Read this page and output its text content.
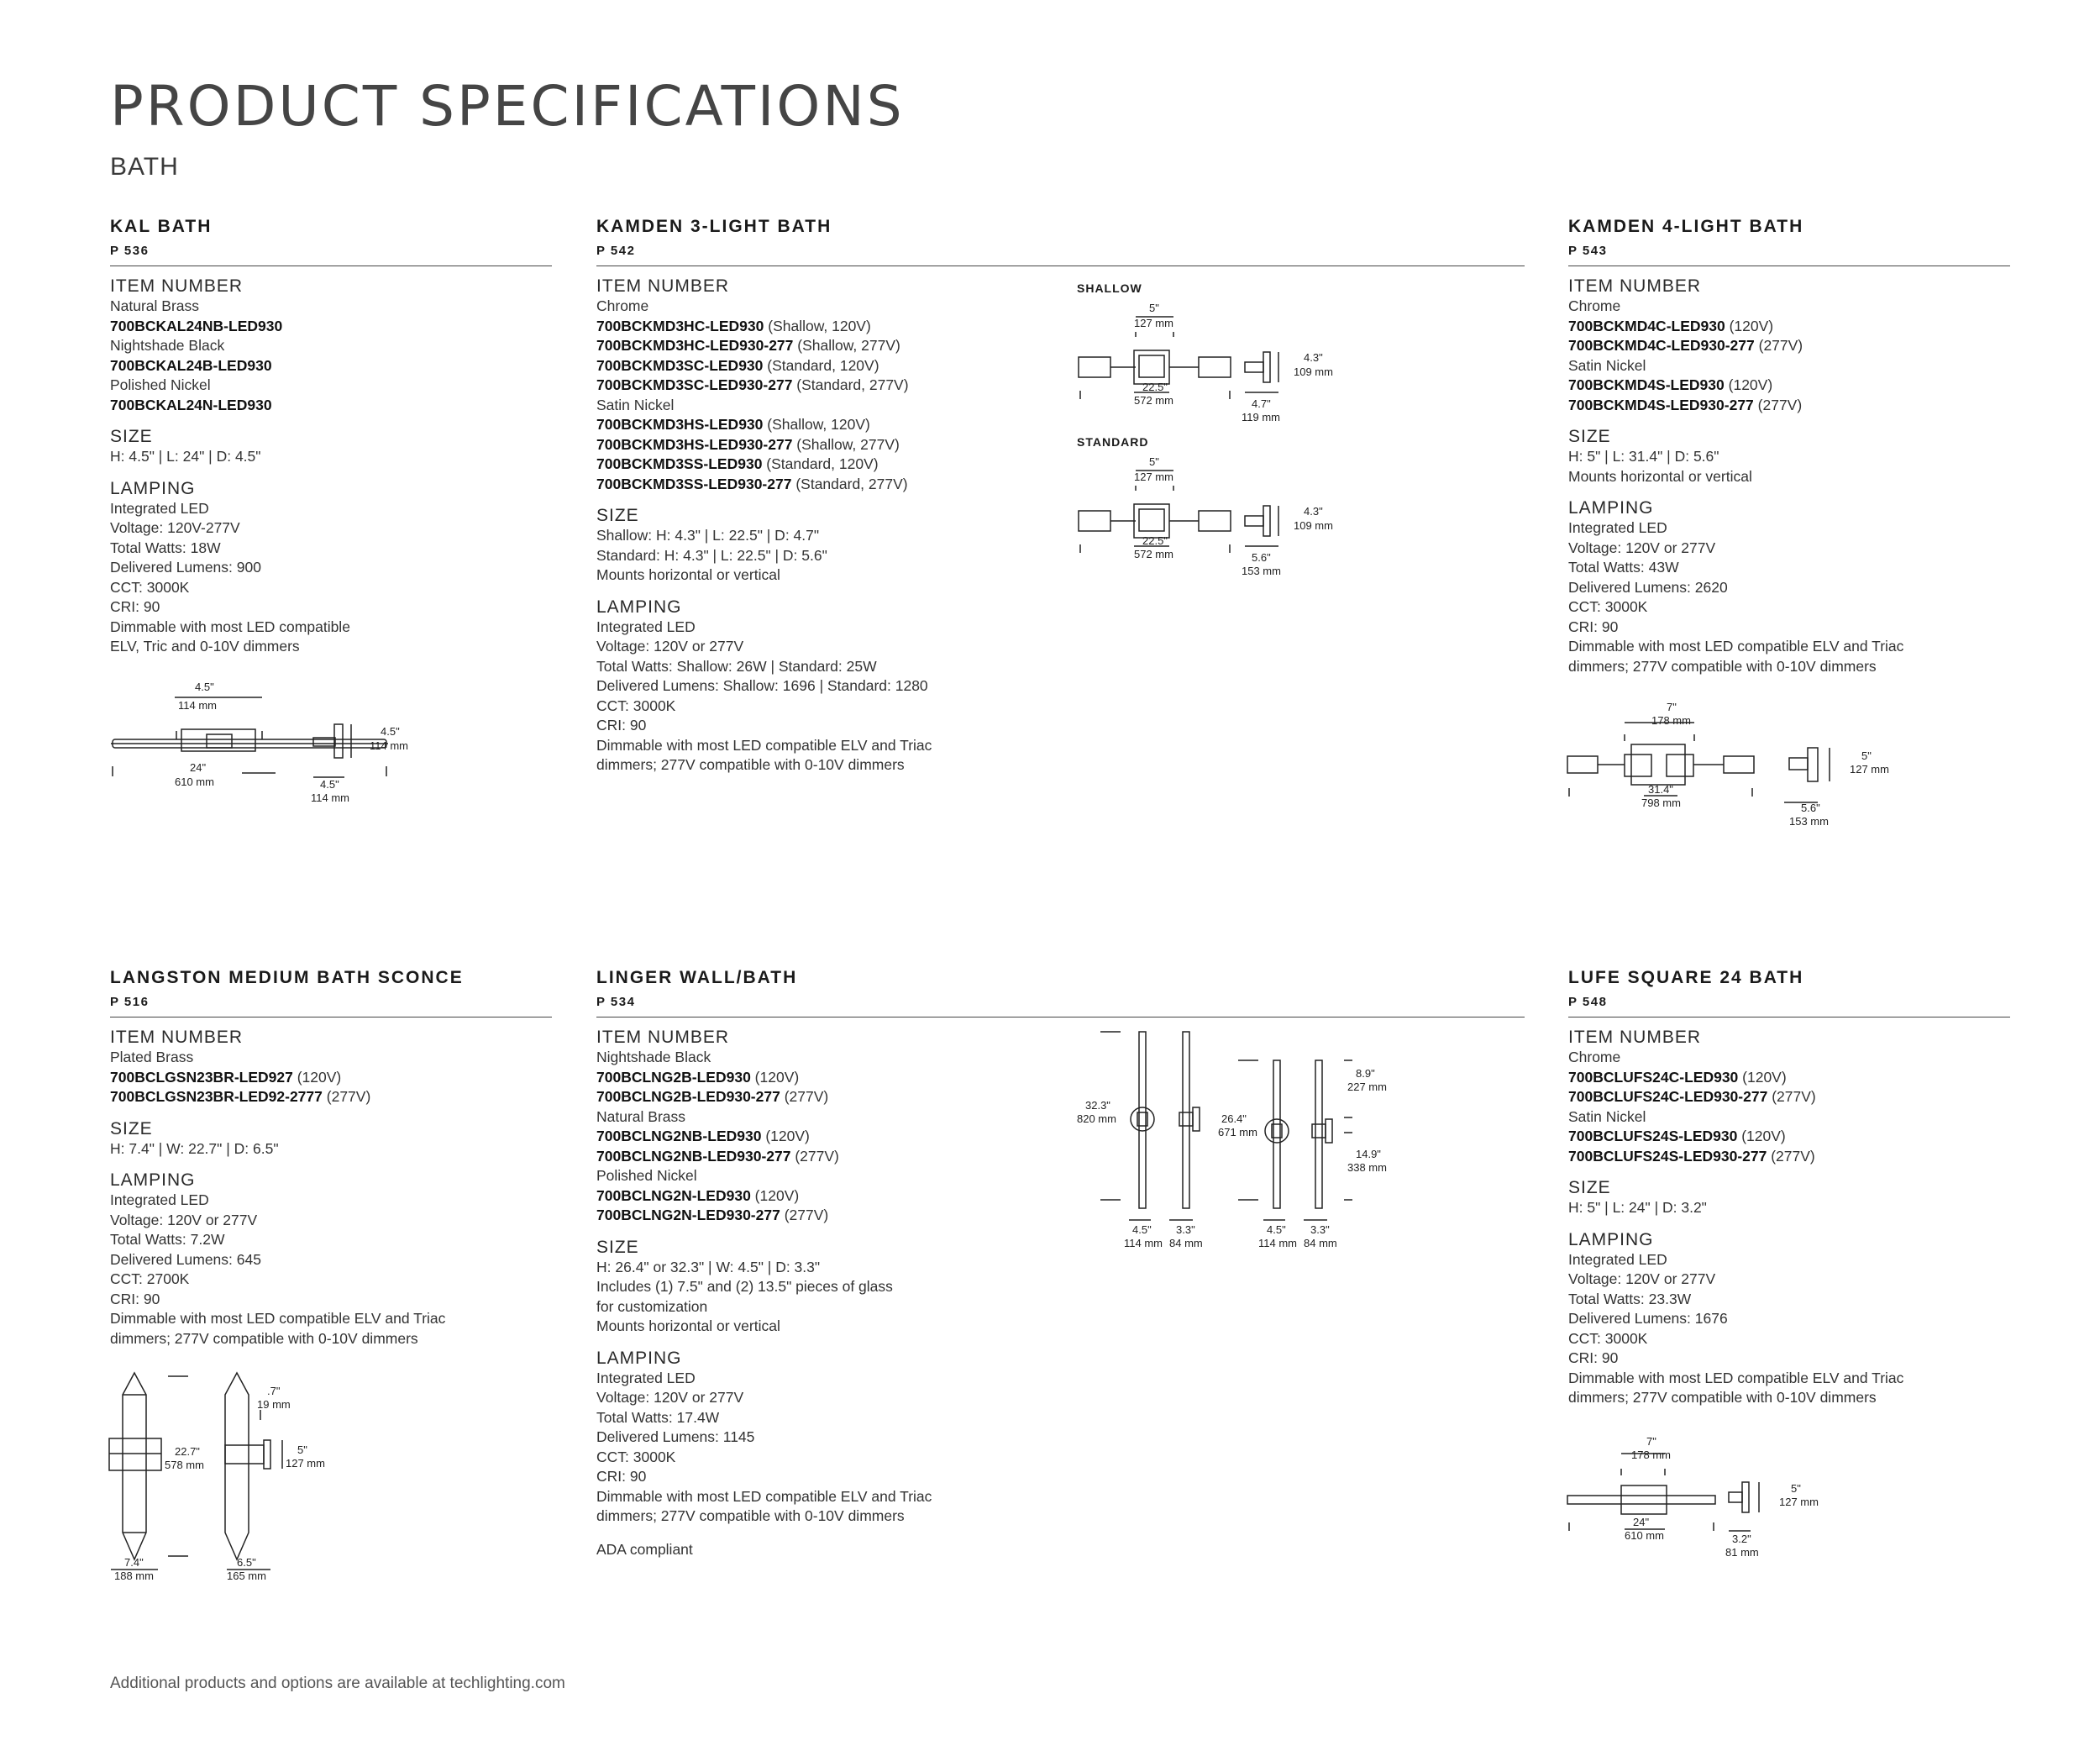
PRODUCT SPECIFICATIONS
BATH
KAL BATH
P 536
ITEM NUMBER
Natural Brass
700BCKAL24NB-LED930
Nightshade Black
700BCKAL24B-LED930
Polished Nickel
700BCKAL24N-LED930
SIZE
H: 4.5" | L: 24" | D: 4.5"
LAMPING
Integrated LED
Voltage: 120V-277V
Total Watts: 18W
Delivered Lumens: 900
CCT: 3000K
CRI: 90
Dimmable with most LED compatible
ELV, Tric and 0-10V dimmers
KAMDEN 3-LIGHT BATH
P 542
ITEM NUMBER
Chrome
700BCKMD3HC-LED930 (Shallow, 120V)
700BCKMD3HC-LED930-277 (Shallow, 277V)
700BCKMD3SC-LED930 (Standard, 120V)
700BCKMD3SC-LED930-277 (Standard, 277V)
Satin Nickel
700BCKMD3HS-LED930 (Shallow, 120V)
700BCKMD3HS-LED930-277 (Shallow, 277V)
700BCKMD3SS-LED930 (Standard, 120V)
700BCKMD3SS-LED930-277 (Standard, 277V)
SIZE
Shallow: H: 4.3" | L: 22.5" | D: 4.7"
Standard: H: 4.3" | L: 22.5" | D: 5.6"
Mounts horizontal or vertical
LAMPING
Integrated LED
Voltage: 120V or 277V
Total Watts: Shallow: 26W | Standard: 25W
Delivered Lumens: Shallow: 1696 | Standard: 1280
CCT: 3000K
CRI: 90
Dimmable with most LED compatible ELV and Triac
dimmers; 277V compatible with 0-10V dimmers
KAMDEN 4-LIGHT BATH
P 543
ITEM NUMBER
Chrome
700BCKMD4C-LED930 (120V)
700BCKMD4C-LED930-277 (277V)
Satin Nickel
700BCKMD4S-LED930 (120V)
700BCKMD4S-LED930-277 (277V)
SIZE
H: 5" | L: 31.4" | D: 5.6"
Mounts horizontal or vertical
LAMPING
Integrated LED
Voltage: 120V or 277V
Total Watts: 43W
Delivered Lumens: 2620
CCT: 3000K
CRI: 90
Dimmable with most LED compatible ELV and Triac
dimmers; 277V compatible with 0-10V dimmers
LANGSTON MEDIUM BATH SCONCE
P 516
ITEM NUMBER
Plated Brass
700BCLGSN23BR-LED927 (120V)
700BCLGSN23BR-LED92-2777 (277V)
SIZE
H: 7.4" | W: 22.7" | D: 6.5"
LAMPING
Integrated LED
Voltage: 120V or 277V
Total Watts: 7.2W
Delivered Lumens: 645
CCT: 2700K
CRI: 90
Dimmable with most LED compatible ELV and Triac
dimmers; 277V compatible with 0-10V dimmers
LINGER WALL/BATH
P 534
ITEM NUMBER
Nightshade Black
700BCLNG2B-LED930 (120V)
700BCLNG2B-LED930-277 (277V)
Natural Brass
700BCLNG2NB-LED930 (120V)
700BCLNG2NB-LED930-277 (277V)
Polished Nickel
700BCLNG2N-LED930 (120V)
700BCLNG2N-LED930-277 (277V)
SIZE
H: 26.4" or 32.3" | W: 4.5" | D: 3.3"
Includes (1) 7.5" and (2) 13.5" pieces of glass
for customization
Mounts horizontal or vertical
LAMPING
Integrated LED
Voltage: 120V or 277V
Total Watts: 17.4W
Delivered Lumens: 1145
CCT: 3000K
CRI: 90
Dimmable with most LED compatible ELV and Triac
dimmers; 277V compatible with 0-10V dimmers
ADA compliant
LUFE SQUARE 24 BATH
P 548
ITEM NUMBER
Chrome
700BCLUFS24C-LED930 (120V)
700BCLUFS24C-LED930-277 (277V)
Satin Nickel
700BCLUFS24S-LED930 (120V)
700BCLUFS24S-LED930-277 (277V)
SIZE
H: 5" | L: 24" | D: 3.2"
LAMPING
Integrated LED
Voltage: 120V or 277V
Total Watts: 23.3W
Delivered Lumens: 1676
CCT: 3000K
CRI: 90
Dimmable with most LED compatible ELV and Triac
dimmers; 277V compatible with 0-10V dimmers
4.5"
114 mm
24"
610 mm
4.5"
114 mm
4.5"
114 mm
SHALLOW
5"
127 mm
22.5"
572 mm
4.3"
109 mm
4.7"
119 mm
STANDARD
5"
127 mm
22.5"
572 mm
4.3"
109 mm
5.6"
153 mm
7"
178 mm
31.4"
798 mm
5"
127 mm
5.6"
153 mm
22.7"
578 mm
7.4"
188 mm
.7"
19 mm
5"
127 mm
6.5"
165 mm
32.3"
820 mm	26.4"
671 mm
8.9"
227 mm
14.9"
338 mm
4.5"
114 mm
3.3"
84 mm
4.5"
114 mm
3.3"
84 mm
7"
178 mm
24"
610 mm
5"
127 mm
3.2"
81 mm
Additional products and options are available at techlighting.com
